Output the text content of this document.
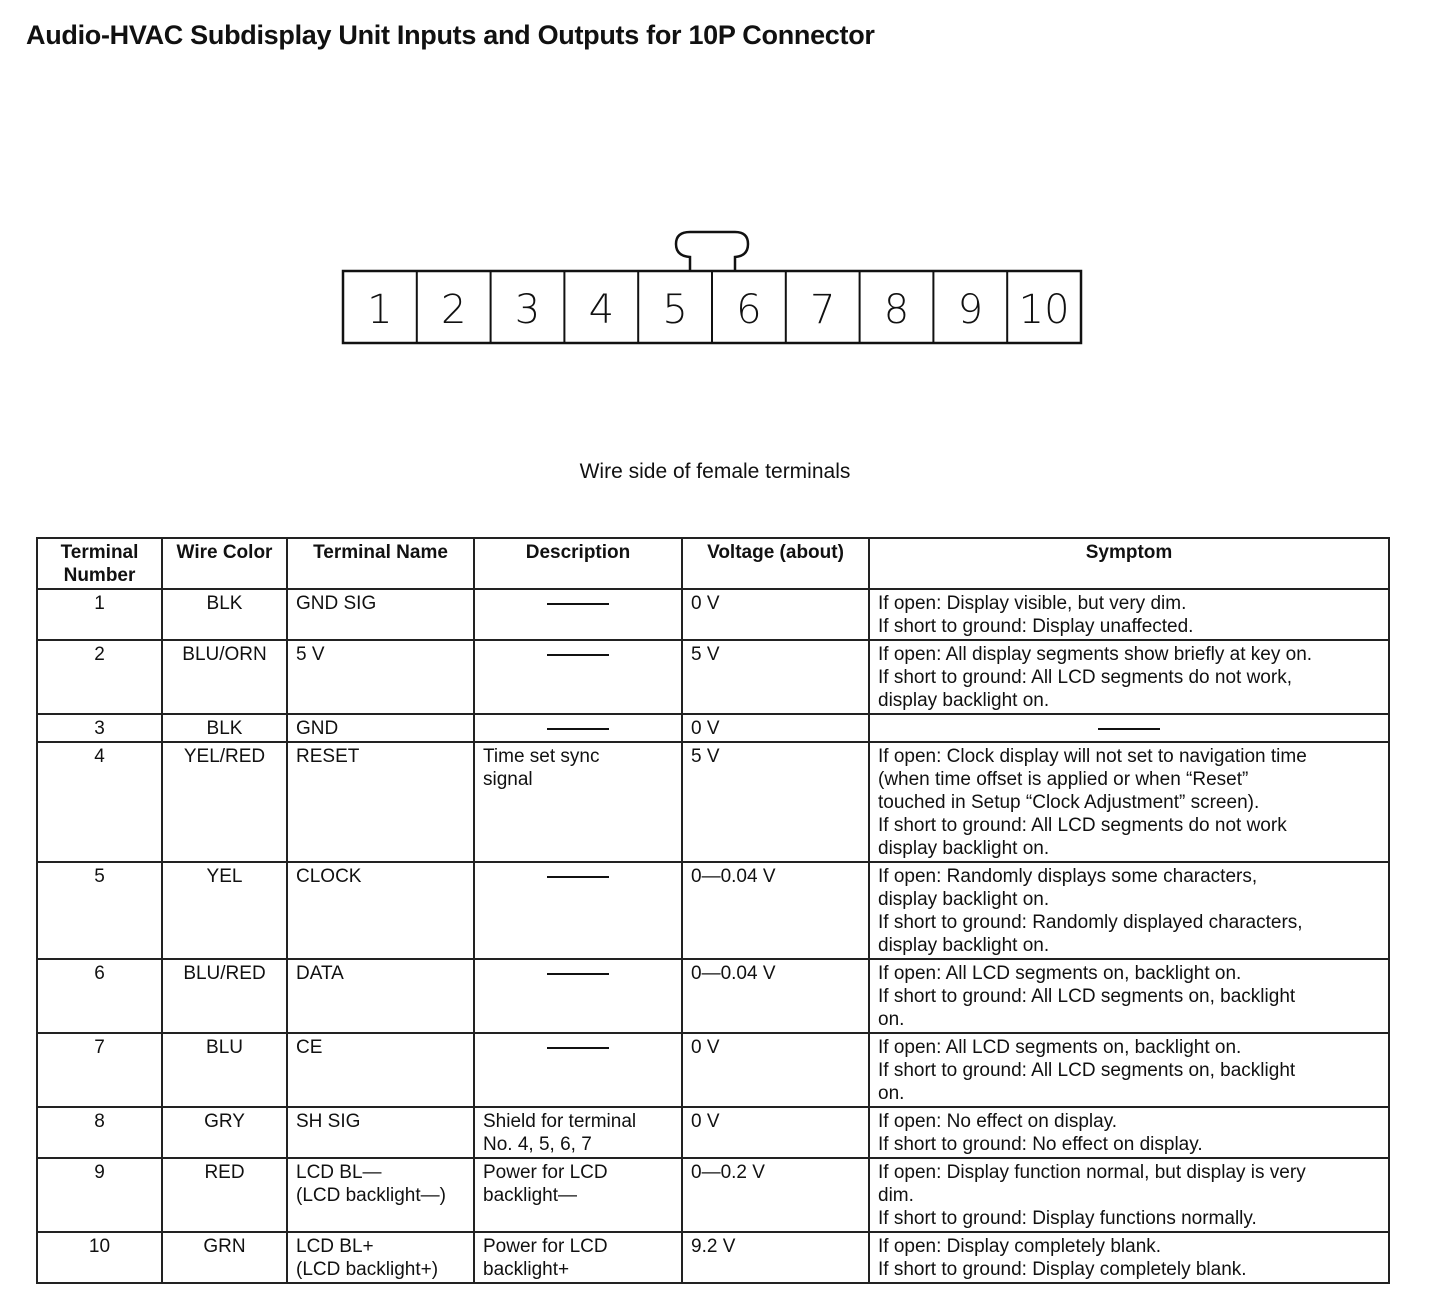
Audio-HVAC Subdisplay Unit Inputs and Outputs for 10P Connector
1 2 3 4 5 6 7 8 9 10
Wire side of female terminals
Terminal Number	Wire Color	Terminal Name	Description	Voltage (about)	Symptom
1	BLK	GND SIG		0 V	If open: Display visible, but very dim.
If short to ground: Display unaffected.
2	BLU/ORN	5 V		5 V	If open: All display segments show briefly at key on.
If short to ground: All LCD segments do not work,
display backlight on.
3	BLK	GND		0 V	

4	YEL/RED	RESET	Time set sync
signal	5 V	If open: Clock display will not set to navigation time
(when time offset is applied or when “Reset”
touched in Setup “Clock Adjustment” screen).
If short to ground: All LCD segments do not work
display backlight on.
5	YEL	CLOCK		0—0.04 V	If open: Randomly displays some characters,
display backlight on.
If short to ground: Randomly displayed characters,
display backlight on.
6	BLU/RED	DATA		0—0.04 V	If open: All LCD segments on, backlight on.
If short to ground: All LCD segments on, backlight
on.
7	BLU	CE		0 V	If open: All LCD segments on, backlight on.
If short to ground: All LCD segments on, backlight
on.
8	GRY	SH SIG	Shield for terminal
No. 4, 5, 6, 7	0 V	If open: No effect on display.
If short to ground: No effect on display.
9	RED	LCD BL—
(LCD backlight—)	Power for LCD
backlight—	0—0.2 V	If open: Display function normal, but display is very
dim.
If short to ground: Display functions normally.
10	GRN	LCD BL+
(LCD backlight+)	Power for LCD
backlight+	9.2 V	If open: Display completely blank.
If short to ground: Display completely blank.
